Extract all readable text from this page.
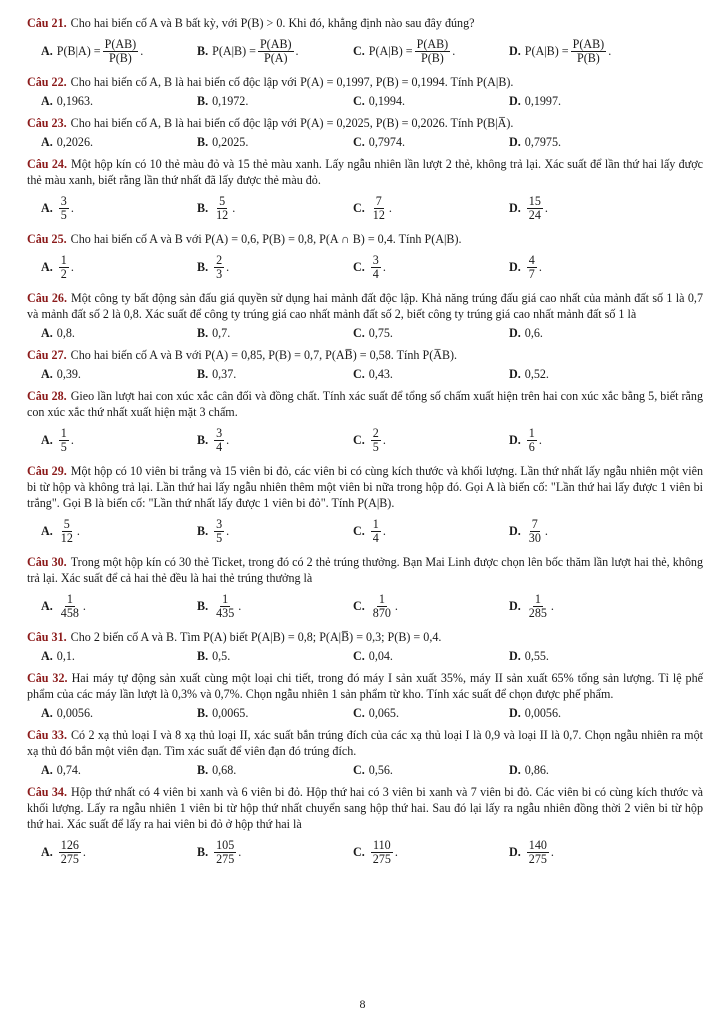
Câu 21. Cho hai biến cố A và B bất kỳ, với P(B) > 0. Khi đó, khẳng định nào sau đây đúng?
A. $P(B|A) = \frac{P(AB)}{P(B)}$ .	B. $P(A|B) = \frac{P(AB)}{P(A)}$ .	C. $P(A|B) = \frac{P(AB)}{P(B)}$ .	D. $P(A|B) = \frac{P(AB)}{P(B)}$ .
Câu 22. Cho hai biến cố A, B là hai biến cố độc lập với P(A) = 0,1997, P(B) = 0,1994. Tính P(A|B).
A. 0,1963.	B. 0,1972.	C. 0,1994.	D. 0,1997.
Câu 23. Cho hai biến cố A, B là hai biến cố độc lập với P(A) = 0,2025, P(B) = 0,2026. Tính P(B|A̅).
A. 0,2026.	B. 0,2025.	C. 0,7974.	D. 0,7975.
Câu 24. Một hộp kín có 10 thẻ màu đỏ và 15 thẻ màu xanh. Lấy ngẫu nhiên lần lượt 2 thẻ, không trả lại. Xác suất để lần thứ hai lấy được thẻ màu xanh, biết rằng lần thứ nhất đã lấy được thẻ màu đỏ.
A. $\frac{3}{5}$ .	B. $\frac{5}{12}$ .	C. $\frac{7}{12}$ .	D. $\frac{15}{24}$ .
Câu 25. Cho hai biến cố A và B với P(A) = 0,6, P(B) = 0,8, P(A ∩ B) = 0,4. Tính P(A|B).
A. $\frac{1}{2}$ .	B. $\frac{2}{3}$ .	C. $\frac{3}{4}$ .	D. $\frac{4}{7}$ .
Câu 26. Một công ty bất động sản đấu giá quyền sử dụng hai mảnh đất độc lập. Khả năng trúng đấu giá cao nhất của mảnh đất số 1 là 0,7 và mảnh đất số 2 là 0,8. Xác suất để công ty trúng giá cao nhất mảnh đất số 2, biết công ty trúng giá cao nhất mảnh đất số 1 là
A. 0,8.	B. 0,7.	C. 0,75.	D. 0,6.
Câu 27. Cho hai biến cố A và B với P(A) = 0,85, P(B) = 0,7, P(AB̅) = 0,58. Tính P(A̅B).
A. 0,39.	B. 0,37.	C. 0,43.	D. 0,52.
Câu 28. Gieo lần lượt hai con xúc xắc cân đối và đồng chất. Tính xác suất để tổng số chấm xuất hiện trên hai con xúc xắc bằng 5, biết rằng con xúc xắc thứ nhất xuất hiện mặt 3 chấm.
A. $\frac{1}{5}$ .	B. $\frac{3}{4}$ .	C. $\frac{2}{5}$ .	D. $\frac{1}{6}$ .
Câu 29. Một hộp có 10 viên bi trắng và 15 viên bi đỏ, các viên bi có cùng kích thước và khối lượng. Lần thứ nhất lấy ngẫu nhiên một viên bi từ hộp và không trả lại. Lần thứ hai lấy ngẫu nhiên thêm một viên bi nữa trong hộp đó. Gọi A là biến cố: "Lần thứ hai lấy được 1 viên bi trắng". Gọi B là biến cố: "Lần thứ nhất lấy được 1 viên bi đỏ". Tính P(A|B).
A. $\frac{5}{12}$ .	B. $\frac{3}{5}$ .	C. $\frac{1}{4}$ .	D. $\frac{7}{30}$ .
Câu 30. Trong một hộp kín có 30 thẻ Ticket, trong đó có 2 thẻ trúng thưởng. Bạn Mai Linh được chọn lên bốc thăm lần lượt hai thẻ, không trả lại. Xác suất để cả hai thẻ đều là hai thẻ trúng thưởng là
A. $\frac{1}{458}$ .	B. $\frac{1}{435}$ .	C. $\frac{1}{870}$ .	D. $\frac{1}{285}$ .
Câu 31. Cho 2 biến cố A và B. Tìm P(A) biết P(A|B) = 0,8; P(A|B̅) = 0,3; P(B) = 0,4.
A. 0,1.	B. 0,5.	C. 0,04.	D. 0,55.
Câu 32. Hai máy tự động sản xuất cùng một loại chi tiết, trong đó máy I sản xuất 35%, máy II sản xuất 65% tổng sản lượng. Tỉ lệ phế phẩm của các máy lần lượt là 0,3% và 0,7%. Chọn ngẫu nhiên 1 sản phẩm từ kho. Tính xác suất để chọn được phế phẩm.
A. 0,0056.	B. 0,0065.	C. 0,065.	D. 0,0056.
Câu 33. Có 2 xạ thủ loại I và 8 xạ thủ loại II, xác suất bắn trúng đích của các xạ thủ loại I là 0,9 và loại II là 0,7. Chọn ngẫu nhiên ra một xạ thủ đó bắn một viên đạn. Tìm xác suất để viên đạn đó trúng đích.
A. 0,74.	B. 0,68.	C. 0,56.	D. 0,86.
Câu 34. Hộp thứ nhất có 4 viên bi xanh và 6 viên bi đỏ. Hộp thứ hai có 3 viên bi xanh và 7 viên bi đỏ. Các viên bi có cùng kích thước và khối lượng. Lấy ra ngẫu nhiên 1 viên bi từ hộp thứ nhất chuyển sang hộp thứ hai. Sau đó lại lấy ra ngẫu nhiên đồng thời 2 viên bi từ hộp thứ hai. Xác suất để lấy ra hai viên bi đỏ ở hộp thứ hai là
A. $\frac{126}{275}$ .	B. $\frac{105}{275}$ .	C. $\frac{110}{275}$ .	D. $\frac{140}{275}$ .
8
